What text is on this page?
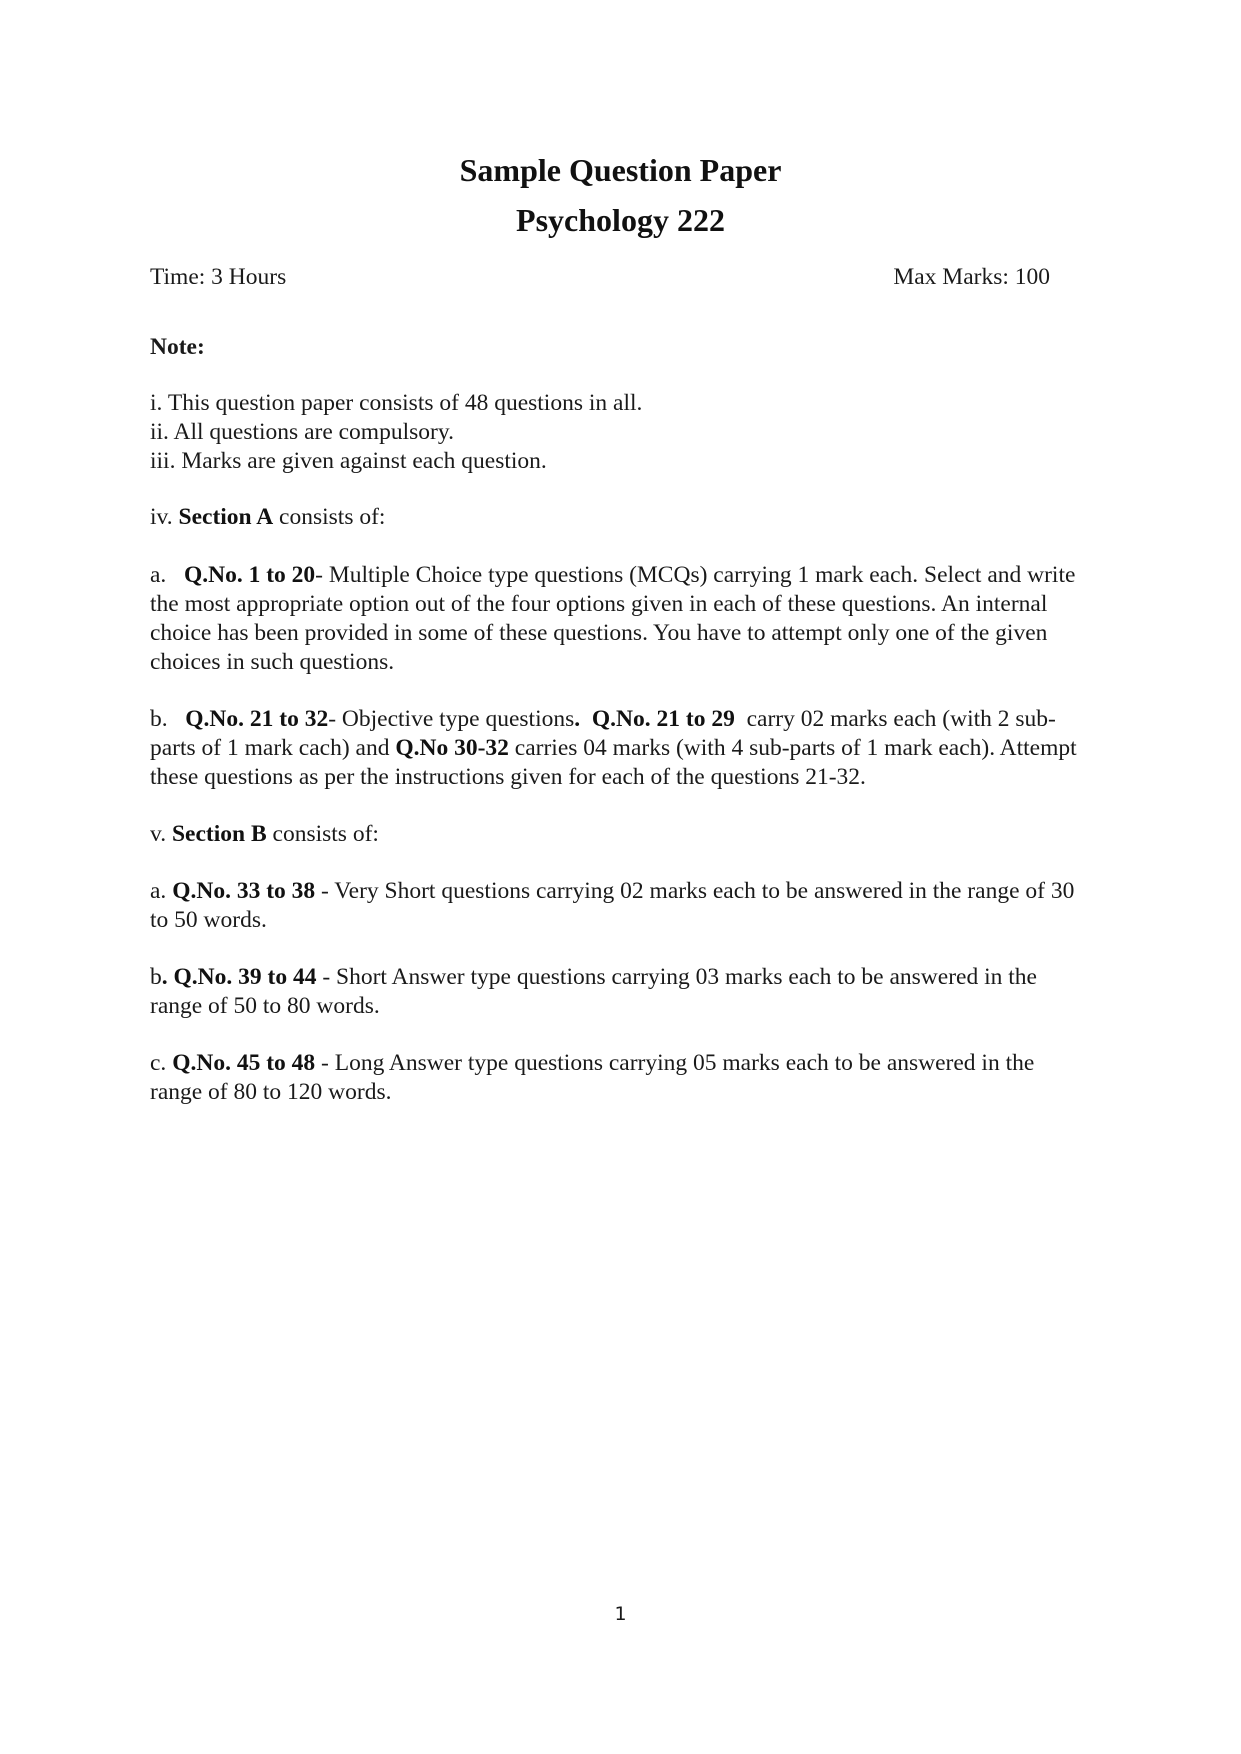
Sample Question Paper
Psychology 222
Time: 3 Hours	Max Marks: 100
Note:
i. This question paper consists of 48 questions in all.
ii. All questions are compulsory.
iii. Marks are given against each question.
iv. Section A consists of:
a. Q.No. 1 to 20- Multiple Choice type questions (MCQs) carrying 1 mark each. Select and write the most appropriate option out of the four options given in each of these questions. An internal choice has been provided in some of these questions. You have to attempt only one of the given choices in such questions.
b. Q.No. 21 to 32- Objective type questions. Q.No. 21 to 29  carry 02 marks each (with 2 sub- parts of 1 mark cach) and Q.No 30-32 carries 04 marks (with 4 sub-parts of 1 mark each). Attempt these questions as per the instructions given for each of the questions 21-32.
v. Section B consists of:
a. Q.No. 33 to 38 - Very Short questions carrying 02 marks each to be answered in the range of 30 to 50 words.
b. Q.No. 39 to 44 - Short Answer type questions carrying 03 marks each to be answered in the range of 50 to 80 words.
c. Q.No. 45 to 48 - Long Answer type questions carrying 05 marks each to be answered in the range of 80 to 120 words.
1
